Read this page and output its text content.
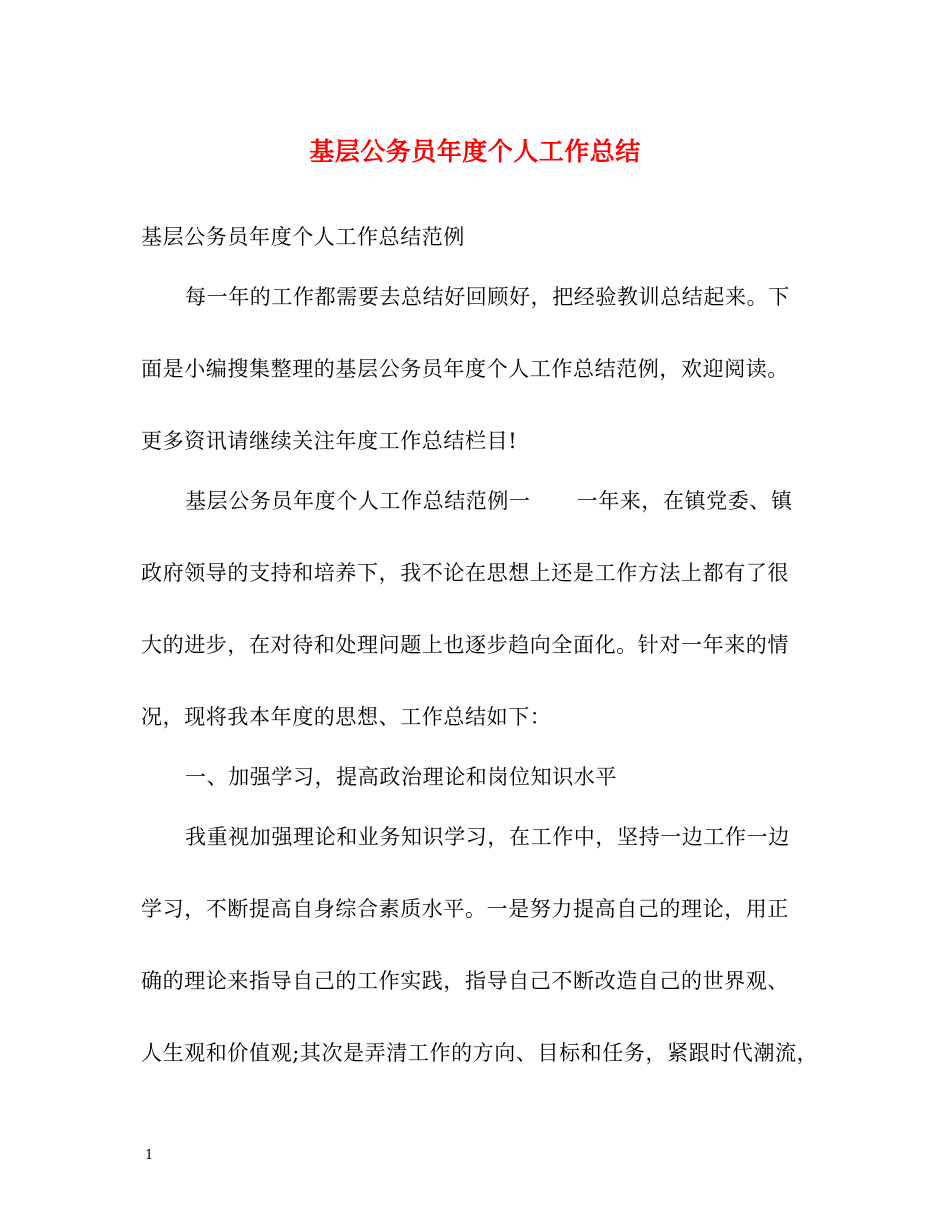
基层公务员年度个人工作总结
基层公务员年度个人工作总结范例
每一年的工作都需要去总结好回顾好，把经验教训总结起来。下
面是小编搜集整理的基层公务员年度个人工作总结范例，欢迎阅读。
更多资讯请继续关注年度工作总结栏目!
基层公务员年度个人工作总结范例一 一年来，在镇党委、镇
政府领导的支持和培养下，我不论在思想上还是工作方法上都有了很
大的进步，在对待和处理问题上也逐步趋向全面化。针对一年来的情
况，现将我本年度的思想、工作总结如下：
一、加强学习，提高政治理论和岗位知识水平
我重视加强理论和业务知识学习，在工作中，坚持一边工作一边
学习，不断提高自身综合素质水平。一是努力提高自己的理论，用正
确的理论来指导自己的工作实践，指导自己不断改造自己的世界观、
人生观和价值观;其次是弄清工作的方向、目标和任务，紧跟时代潮流，
1
